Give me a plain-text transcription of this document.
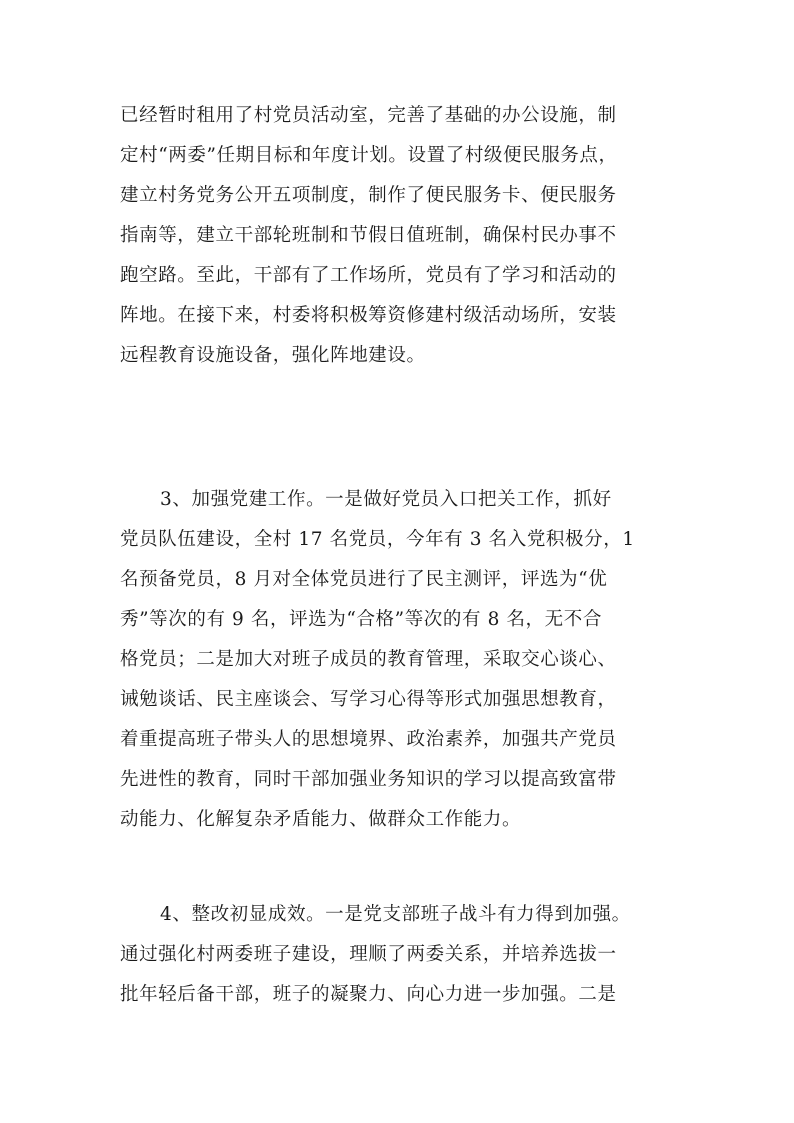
已经暂时租用了村党员活动室，完善了基础的办公设施，制
定村“两委”任期目标和年度计划。设置了村级便民服务点，
建立村务党务公开五项制度，制作了便民服务卡、便民服务
指南等，建立干部轮班制和节假日值班制，确保村民办事不
跑空路。至此，干部有了工作场所，党员有了学习和活动的
阵地。在接下来，村委将积极筹资修建村级活动场所，安装
远程教育设施设备，强化阵地建设。
3、加强党建工作。一是做好党员入口把关工作，抓好
党员队伍建设，全村 17 名党员，今年有 3 名入党积极分，1
名预备党员，8 月对全体党员进行了民主测评，评选为“优
秀”等次的有 9 名，评选为“合格”等次的有 8 名，无不合
格党员；二是加大对班子成员的教育管理，采取交心谈心、
诫勉谈话、民主座谈会、写学习心得等形式加强思想教育，
着重提高班子带头人的思想境界、政治素养，加强共产党员
先进性的教育，同时干部加强业务知识的学习以提高致富带
动能力、化解复杂矛盾能力、做群众工作能力。
4、整改初显成效。一是党支部班子战斗有力得到加强。
通过强化村两委班子建设，理顺了两委关系，并培养选拔一
批年轻后备干部，班子的凝聚力、向心力进一步加强。二是
